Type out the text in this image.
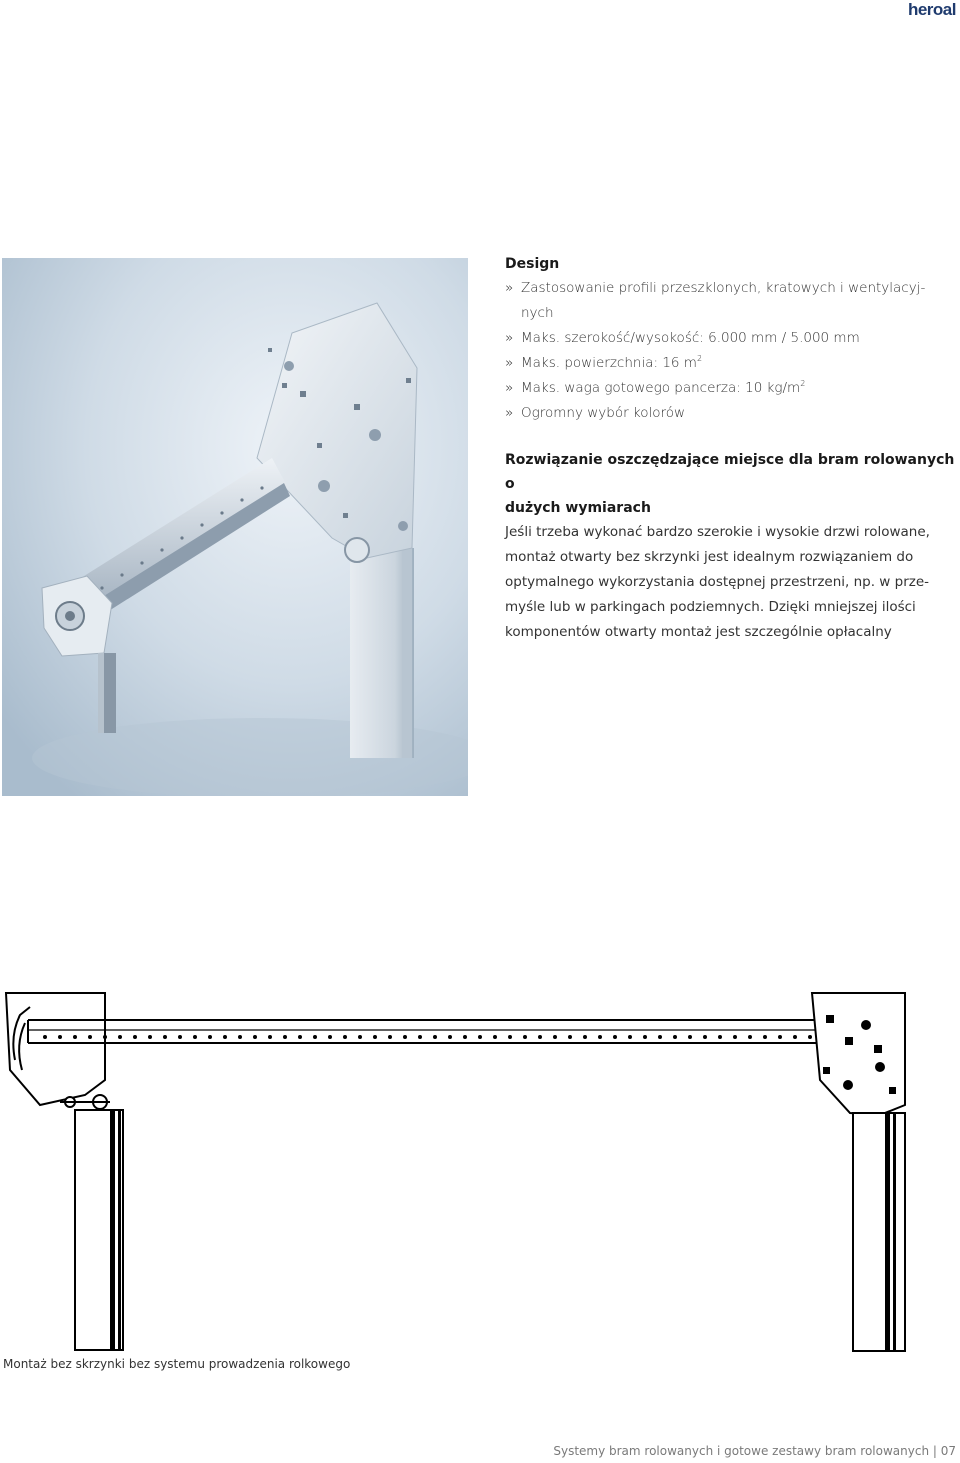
heroal
Design
» Zastosowanie profili przeszklonych, kratowych i wentylacyj-
nych
» Maks. szerokość/wysokość: 6.000 mm / 5.000 mm
» Maks. powierzchnia: 16 $m^2$
» Maks. waga gotowego pancerza: 10 $kg/m^2$
» Ogromny wybór kolorów
Rozwiązanie oszczędzające miejsce dla bram rolowanych o
dużych wymiarach
Jeśli trzeba wykonać bardzo szerokie i wysokie drzwi rolowane,
montaż otwarty bez skrzynki jest idealnym rozwiązaniem do
optymalnego wykorzystania dostępnej przestrzeni, np. w prze-
myśle lub w parkingach podziemnych. Dzięki mniejszej ilości
komponentów otwarty montaż jest szczególnie opłacalny
Montaż bez skrzynki bez systemu prowadzenia rolkowego
Systemy bram rolowanych i gotowe zestawy bram rolowanych | 07
